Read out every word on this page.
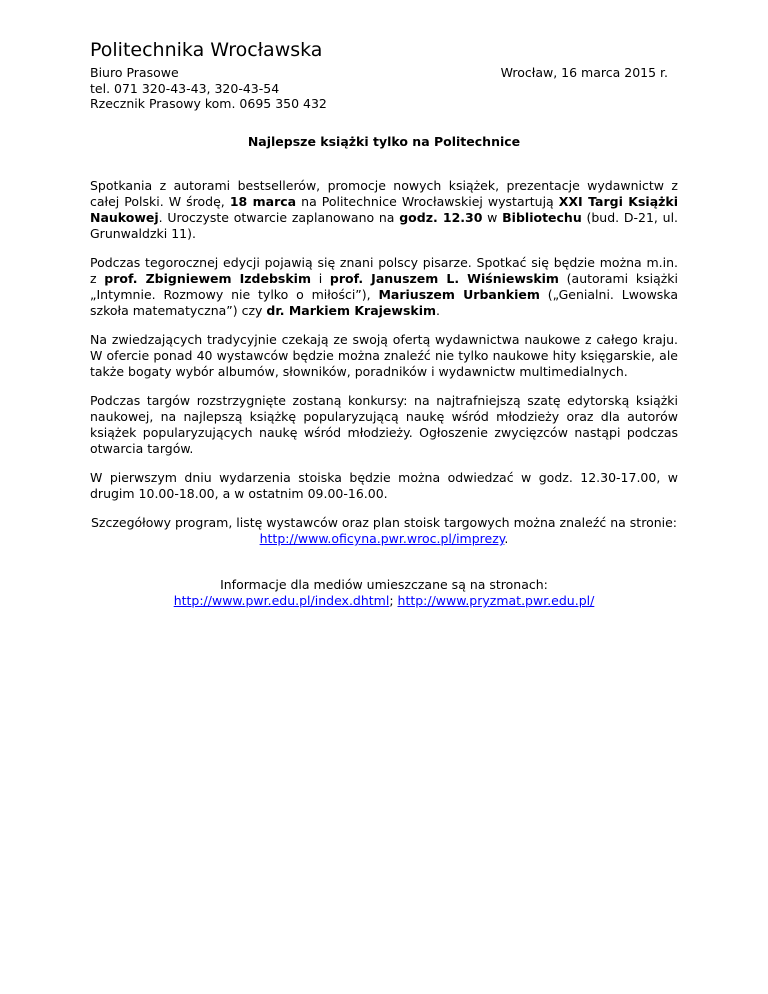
Politechnika Wrocławska
Biuro Prasowe
tel. 071 320-43-43, 320-43-54
Rzecznik Prasowy kom. 0695 350 432
Wrocław, 16 marca 2015 r.
Najlepsze książki tylko na Politechnice

Spotkania z autorami bestsellerów, promocje nowych książek, prezentacje wydawnictw z całej Polski. W środę, 18 marca na Politechnice Wrocławskiej wystartują XXI Targi Książki Naukowej. Uroczyste otwarcie zaplanowano na godz. 12.30 w Bibliotechu (bud. D-21, ul. Grunwaldzki 11).

Podczas tegorocznej edycji pojawią się znani polscy pisarze. Spotkać się będzie można m.in. z prof. Zbigniewem Izdebskim i prof. Januszem L. Wiśniewskim (autorami książki „Intymnie. Rozmowy nie tylko o miłości”), Mariuszem Urbankiem („Genialni. Lwowska szkoła matematyczna”) czy dr. Markiem Krajewskim.

Na zwiedzających tradycyjnie czekają ze swoją ofertą wydawnictwa naukowe z całego kraju. W ofercie ponad 40 wystawców będzie można znaleźć nie tylko naukowe hity księgarskie, ale także bogaty wybór albumów, słowników, poradników i wydawnictw multimedialnych.

Podczas targów rozstrzygnięte zostaną konkursy: na najtrafniejszą szatę edytorską książki naukowej, na najlepszą książkę popularyzującą naukę wśród młodzieży oraz dla autorów książek popularyzujących naukę wśród młodzieży. Ogłoszenie zwycięzców nastąpi podczas otwarcia targów.

W pierwszym dniu wydarzenia stoiska będzie można odwiedzać w godz. 12.30-17.00, w drugim 10.00-18.00, a w ostatnim 09.00-16.00.

Szczegółowy program, listę wystawców oraz plan stoisk targowych można znaleźć na stronie: http://www.oficyna.pwr.wroc.pl/imprezy.

Informacje dla mediów umieszczane są na stronach:
http://www.pwr.edu.pl/index.dhtml; http://www.pryzmat.pwr.edu.pl/
